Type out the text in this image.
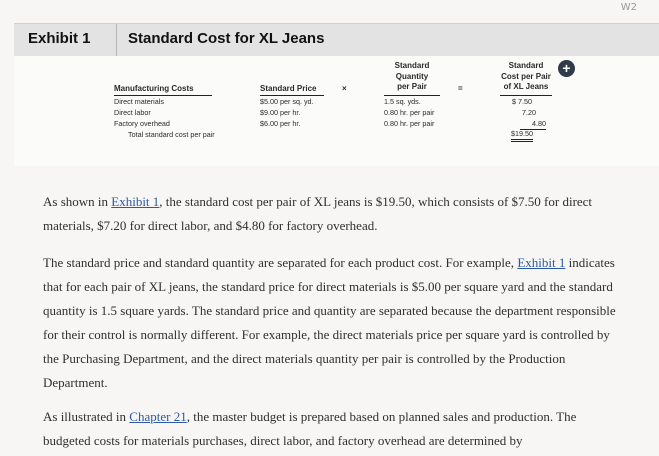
W2
Exhibit 1 Standard Cost for XL Jeans
Manufacturing Costs	Standard Price	×
Standard
Quantity
per Pair	=
Standard
Cost per Pair
of XL Jeans
Direct materials	$5.00 per sq. yd.	1.5 sq. yds.	$ 7.50
Direct labor	$9.00 per hr.	0.80 hr. per pair	7.20
Factory overhead	$6.00 per hr.	0.80 hr. per pair	4.80
Total standard cost per pair	$19.50
+
As shown in Exhibit 1, the standard cost per pair of XL jeans is $19.50, which consists of $7.50 for direct materials, $7.20 for direct labor, and $4.80 for factory overhead.
The standard price and standard quantity are separated for each product cost. For example, Exhibit 1 indicates that for each pair of XL jeans, the standard price for direct materials is $5.00 per square yard and the standard quantity is 1.5 square yards. The standard price and quantity are separated because the department responsible for their control is normally different. For example, the direct materials price per square yard is controlled by the Purchasing Department, and the direct materials quantity per pair is controlled by the Production Department.
As illustrated in Chapter 21, the master budget is prepared based on planned sales and production. The budgeted costs for materials purchases, direct labor, and factory overhead are determined by
